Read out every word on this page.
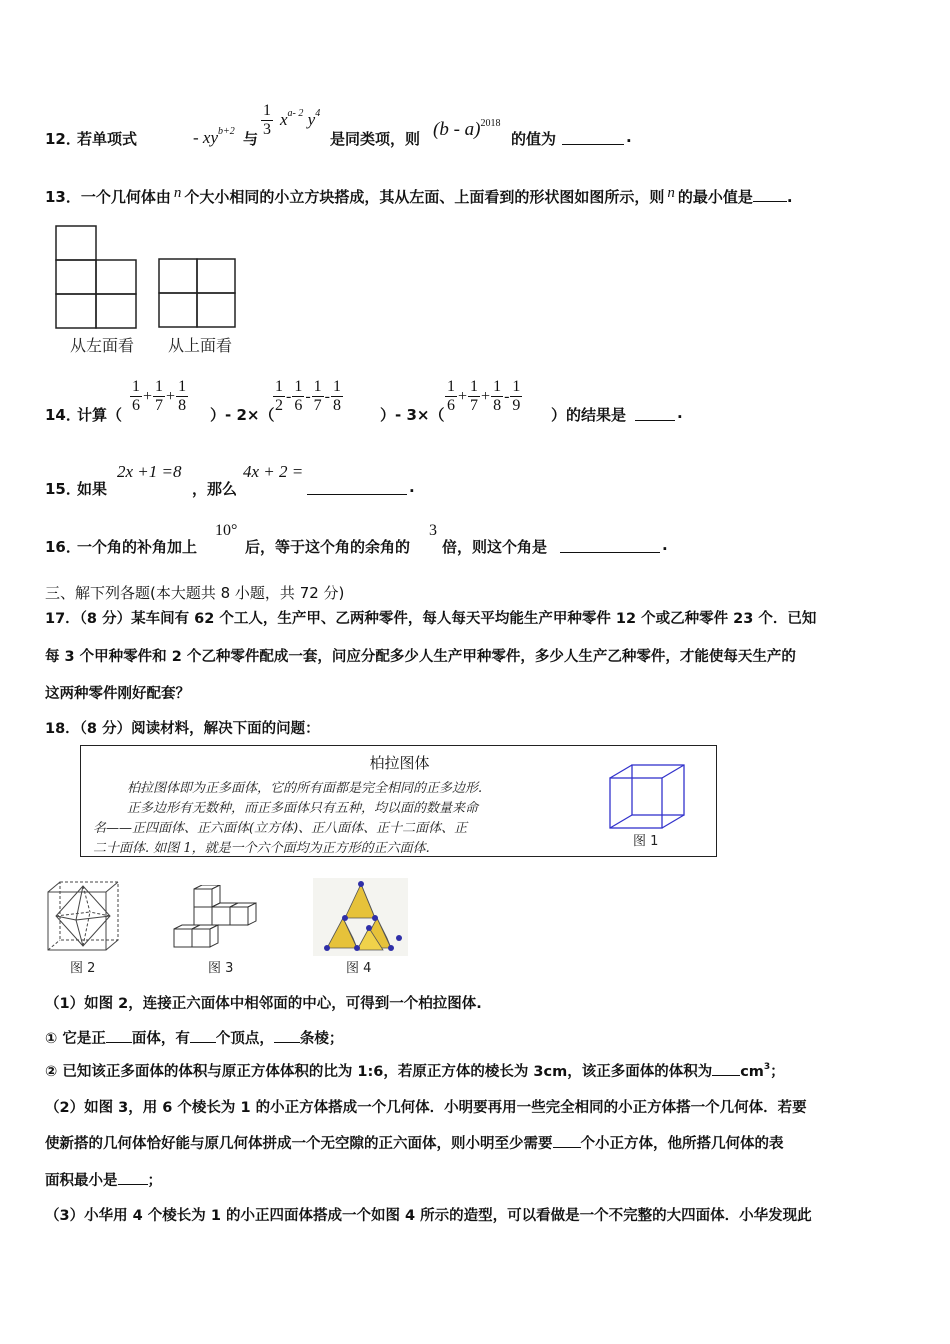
12．
若单项式	- $xy^{b+2}$ 与 $\frac{1}{3} x^{a- 2}$ $y^4$
是同类项，则 (b - a)$^{2018}$
的值为	.
13．一个几何体由 n 个大小相同的小立方块搭成，其从左面、上面看到的形状图如图所示，则 n 的最小值是 .
从左面看 从上面看
14．
计算（ $\frac{1}{6} + \frac{1}{7} + \frac{1}{8}$ ）- 2×（
$\frac{1}{2} - \frac{1}{6} - \frac{1}{7} - \frac{1}{8}$ ）- $3\times( \frac{1}{6} + \frac{1}{7} + \frac{1}{8} - \frac{1}{9}$ ）的结果是	.
15．
如果
2x +1 =8
，那么
4x + 2 =
.
16．
一个角的补角加上
10°
后，等于这个角的余角的
3
倍，则这个角是	.
三、解下列各题(本大题共 8 小题，共 72 分)
17．（8 分）某车间有 62 个工人，生产甲、乙两种零件，每人每天平均能生产甲种零件 12 个或乙种零件 23 个．已知
每 3 个甲种零件和 2 个乙种零件配成一套，问应分配多少人生产甲种零件，多少人生产乙种零件，才能使每天生产的
这两种零件刚好配套？
18．（8 分）阅读材料，解决下面的问题：
柏拉图体
柏拉图体即为正多面体，它的所有面都是完全相同的正多边形.
正多边形有无数种，而正多面体只有五种，均以面的数量来命
名——正四面体、正六面体(立方体)、正八面体、正十二面体、正
二十面体. 如图 1，就是一个六个面均为正方形的正六面体.	图 1
图 2	图 3	图 4
（1）如图 2，连接正六面体中相邻面的中心，可得到一个柏拉图体.
① 它是正 面体，有 个顶点， 条棱；
② 已知该正多面体的体积与原正方体体积的比为 1:6，若原正方体的棱长为 3cm，该正多面体的体积为 $cm^3$；
（2）如图 3，用 6 个棱长为 1 的小正方体搭成一个几何体．小明要再用一些完全相同的小正方体搭一个几何体．若要
使新搭的几何体恰好能与原几何体拼成一个无空隙的正六面体，则小明至少需要 个小正方体，他所搭几何体的表
面积最小是 ；
（3）小华用 4 个棱长为 1 的小正四面体搭成一个如图 4 所示的造型，可以看做是一个不完整的大四面体．小华发现此
